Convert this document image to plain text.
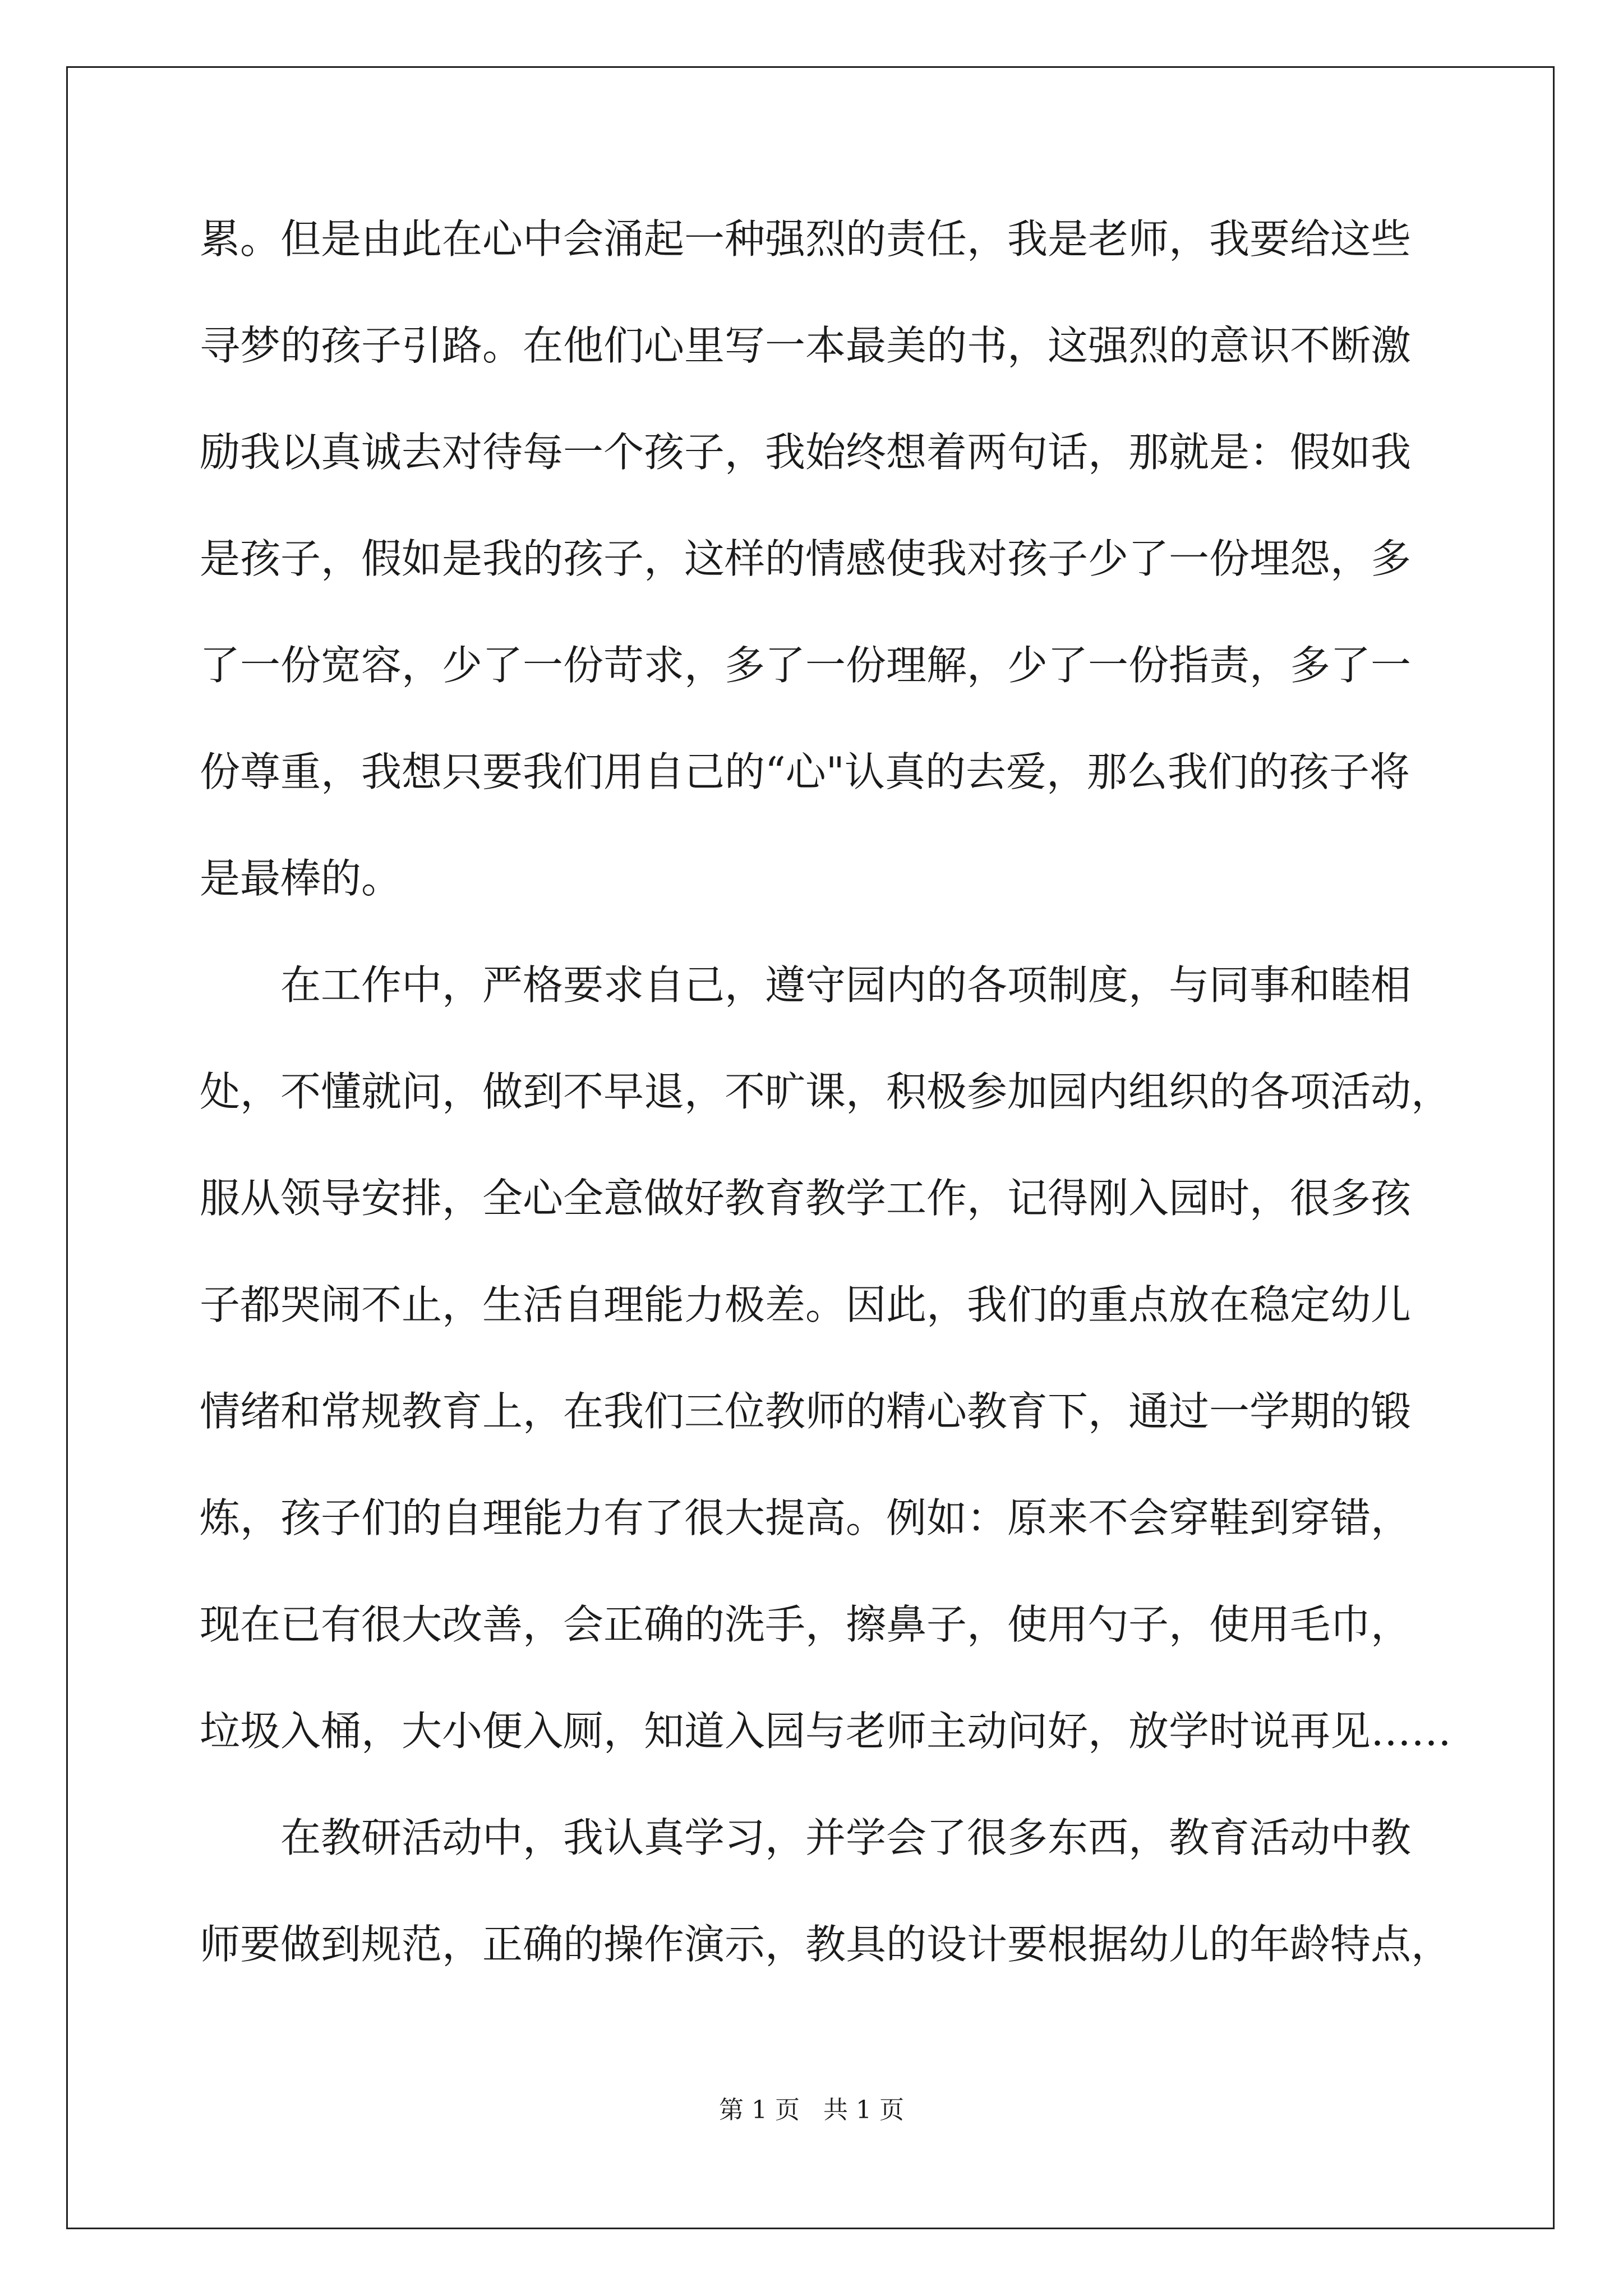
累。但是由此在心中会涌起一种强烈的责任，我是老师，我要给这些
寻梦的孩子引路。在他们心里写一本最美的书，这强烈的意识不断激
励我以真诚去对待每一个孩子，我始终想着两句话，那就是：假如我
是孩子，假如是我的孩子，这样的情感使我对孩子少了一份埋怨，多
了一份宽容，少了一份苛求，多了一份理解，少了一份指责，多了一
份尊重，我想只要我们用自己的“心"认真的去爱，那么我们的孩子将
是最棒的。
　　在工作中，严格要求自己，遵守园内的各项制度，与同事和睦相
处，不懂就问，做到不早退，不旷课，积极参加园内组织的各项活动，
服从领导安排，全心全意做好教育教学工作，记得刚入园时，很多孩
子都哭闹不止，生活自理能力极差。因此，我们的重点放在稳定幼儿
情绪和常规教育上，在我们三位教师的精心教育下，通过一学期的锻
炼，孩子们的自理能力有了很大提高。例如：原来不会穿鞋到穿错，
现在已有很大改善，会正确的洗手，擦鼻子，使用勺子，使用毛巾，
垃圾入桶，大小便入厕，知道入园与老师主动问好，放学时说再见……
　　在教研活动中，我认真学习，并学会了很多东西，教育活动中教
师要做到规范，正确的操作演示，教具的设计要根据幼儿的年龄特点，
第 1 页   共 1 页
